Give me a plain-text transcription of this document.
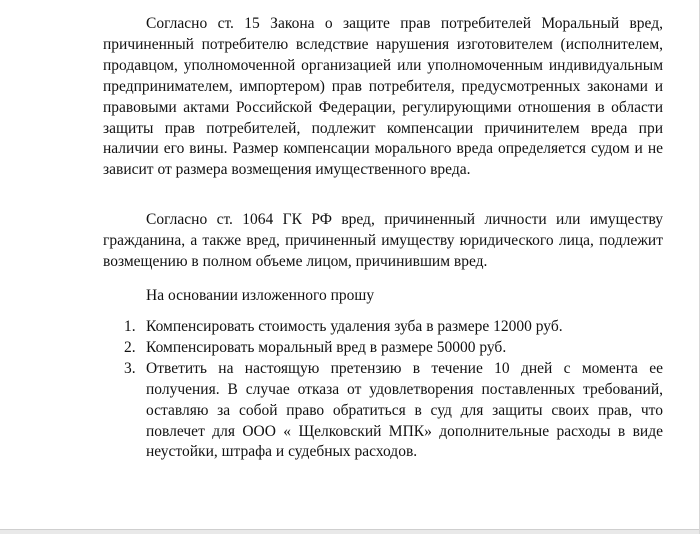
Согласно ст. 15 Закона о защите прав потребителей Моральный вред, причиненный потребителю вследствие нарушения изготовителем (исполнителем, продавцом, уполномоченной организацией или уполномоченным индивидуальным предпринимателем, импортером) прав потребителя, предусмотренных законами и правовыми актами Российской Федерации, регулирующими отношения в области защиты прав потребителей, подлежит компенсации причинителем вреда при наличии его вины. Размер компенсации морального вреда определяется судом и не зависит от размера возмещения имущественного вреда.

Согласно ст. 1064 ГК РФ вред, причиненный личности или имуществу гражданина, а также вред, причиненный имуществу юридического лица, подлежит возмещению в полном объеме лицом, причинившим вред.

На основании изложенного прошу

1. Компенсировать стоимость удаления зуба в размере 12000 руб.
2. Компенсировать моральный вред в размере 50000 руб.
3. Ответить на настоящую претензию в течение 10 дней с момента ее получения. В случае отказа от удовлетворения поставленных требований, оставляю за собой право обратиться в суд для защиты своих прав, что повлечет для ООО « Щелковский МПК» дополнительные расходы в виде неустойки, штрафа и судебных расходов.
